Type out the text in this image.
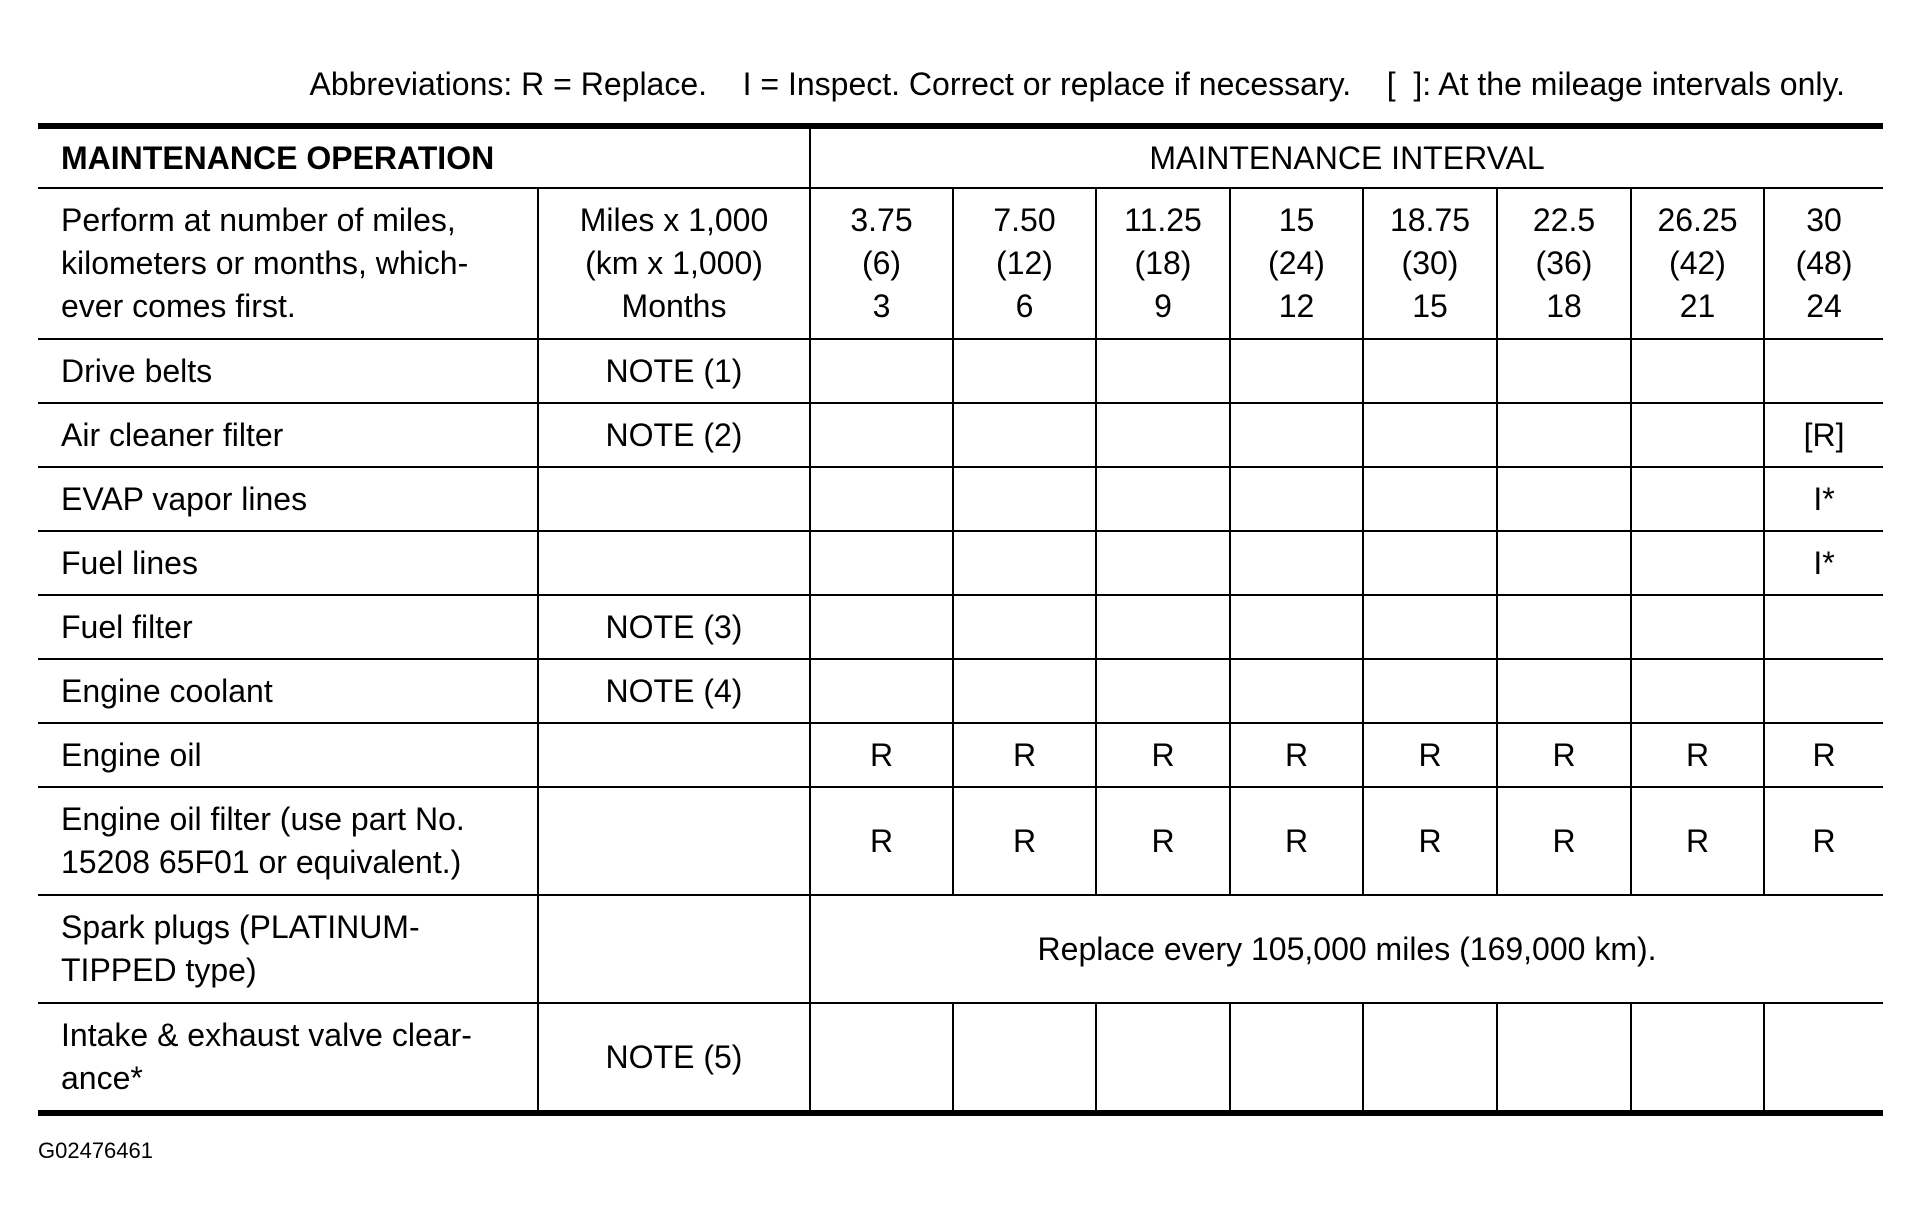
Abbreviations: R = Replace.    I = Inspect. Correct or replace if necessary.    [  ]: At the mileage intervals only.
MAINTENANCE OPERATION		MAINTENANCE INTERVAL							
Perform at number of miles,
kilometers or months, which-
ever comes first.	Miles x 1,000
(km x 1,000)
Months	3.75
(6)
3	7.50
(12)
6	11.25
(18)
9	15
(24)
12	18.75
(30)
15	22.5
(36)
18	26.25
(42)
21	30
(48)
24
Drive belts	NOTE (1)								
Air cleaner filter	NOTE (2)								[R]
EVAP vapor lines									I*
Fuel lines									I*
Fuel filter	NOTE (3)								
Engine coolant	NOTE (4)								
Engine oil		R	R	R	R	R	R	R	R
Engine oil filter (use part No.
15208 65F01 or equivalent.)		R	R	R	R	R	R	R	R
Spark plugs (PLATINUM-
TIPPED type)		Replace every 105,000 miles (169,000 km).							
Intake & exhaust valve clear-
ance*	NOTE (5)								
G02476461
